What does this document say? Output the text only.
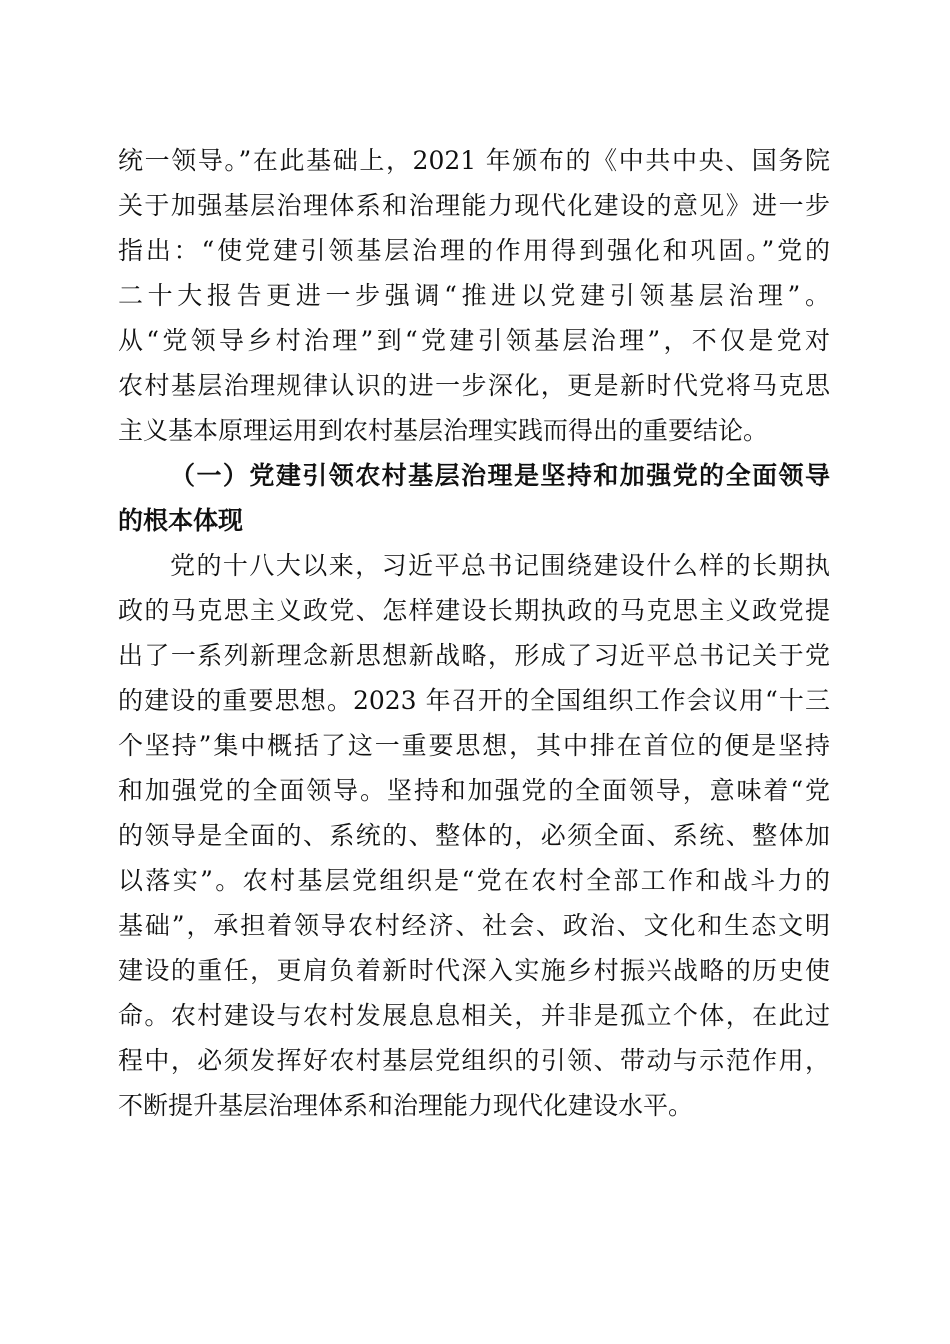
统一领导。”在此基础上，2021 年颁布的《中共中央、国务院
关于加强基层治理体系和治理能力现代化建设的意见》进一步
指出：“使党建引领基层治理的作用得到强化和巩固。”党的
二十大报告更进一步强调“推进以党建引领基层治理”。
从“党领导乡村治理”到“党建引领基层治理”，不仅是党对
农村基层治理规律认识的进一步深化，更是新时代党将马克思
主义基本原理运用到农村基层治理实践而得出的重要结论。
（一）党建引领农村基层治理是坚持和加强党的全面领导
的根本体现
党的十八大以来，习近平总书记围绕建设什么样的长期执
政的马克思主义政党、怎样建设长期执政的马克思主义政党提
出了一系列新理念新思想新战略，形成了习近平总书记关于党
的建设的重要思想。2023 年召开的全国组织工作会议用“十三
个坚持”集中概括了这一重要思想，其中排在首位的便是坚持
和加强党的全面领导。坚持和加强党的全面领导，意味着“党
的领导是全面的、系统的、整体的，必须全面、系统、整体加
以落实”。农村基层党组织是“党在农村全部工作和战斗力的
基础”，承担着领导农村经济、社会、政治、文化和生态文明
建设的重任，更肩负着新时代深入实施乡村振兴战略的历史使
命。农村建设与农村发展息息相关，并非是孤立个体，在此过
程中，必须发挥好农村基层党组织的引领、带动与示范作用，
不断提升基层治理体系和治理能力现代化建设水平。
